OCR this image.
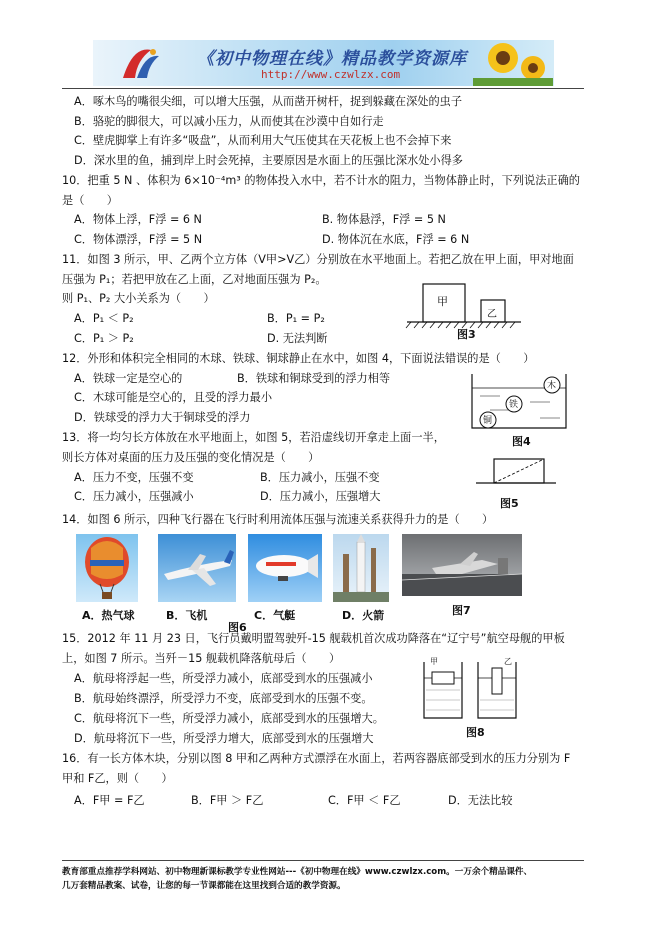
《初中物理在线》精品教学资源库
http://www.czwlzx.com
A．啄木鸟的嘴很尖细，可以增大压强，从而凿开树杆，捉到躲藏在深处的虫子
B．骆驼的脚很大，可以减小压力，从而使其在沙漠中自如行走
C．壁虎脚掌上有许多“吸盘”，从而利用大气压使其在天花板上也不会掉下来
D．深水里的鱼，捕到岸上时会死掉，主要原因是水面上的压强比深水处小得多
10．把重 5 N 、体积为 6×10⁻⁴m³ 的物体投入水中，若不计水的阻力，当物体静止时，下列说法正确的
是（　　）
A．物体上浮，F浮 = 6 N	B. 物体悬浮，F浮 = 5 N
C．物体漂浮，F浮 = 5 N	D. 物体沉在水底，F浮 = 6 N
11．如图 3 所示，甲、乙两个立方体（V甲>V乙）分别放在水平地面上。若把乙放在甲上面，甲对地面
压强为 P₁；若把甲放在乙上面，乙对地面压强为 P₂。
则 P₁、P₂ 大小关系为（　　）
A．P₁ ＜ P₂	B．P₁ = P₂
C．P₁ ＞ P₂	D. 无法判断
甲
乙
图3
12．外形和体积完全相同的木球、铁球、铜球静止在水中，如图 4，下面说法错误的是（　　）
A．铁球一定是空心的	B．铁球和铜球受到的浮力相等
C．木球可能是空心的，且受的浮力最小
D．铁球受的浮力大于铜球受的浮力
木
铁
铜
图4
13．将一均匀长方体放在水平地面上，如图 5，若沿虚线切开拿走上面一半，
则长方体对桌面的压力及压强的变化情况是（　　）
A．压力不变，压强不变	B．压力减小，压强不变
C．压力减小，压强减小	D．压力减小，压强增大
图5
14．如图 6 所示，四种飞行器在飞行时利用流体压强与流速关系获得升力的是（　　）
A．热气球	B．飞机	C．气艇	D．火箭
图6
图7
15．2012 年 11 月 23 日，飞行员戴明盟驾驶歼-15 舰载机首次成功降落在“辽宁号”航空母舰的甲板
上，如图 7 所示。当歼－15 舰载机降落航母后（　　）
A．航母将浮起一些，所受浮力减小，底部受到水的压强减小
B．航母始终漂浮，所受浮力不变，底部受到水的压强不变。
C．航母将沉下一些，所受浮力减小，底部受到水的压强增大。
D．航母将沉下一些，所受浮力增大，底部受到水的压强增大
甲	乙
图8
16．有一长方体木块，分别以图 8 甲和乙两种方式漂浮在水面上，若两容器底部受到水的压力分别为 F
甲和 F乙，则（　　）
A．F甲 = F乙	B．F甲 ＞ F乙	C．F甲 ＜ F乙	D．无法比较
教育部重点推荐学科网站、初中物理新课标教学专业性网站---《初中物理在线》www.czwlzx.com。一万余个精品课件、
几万套精品教案、试卷，让您的每一节课都能在这里找到合适的教学资源。
